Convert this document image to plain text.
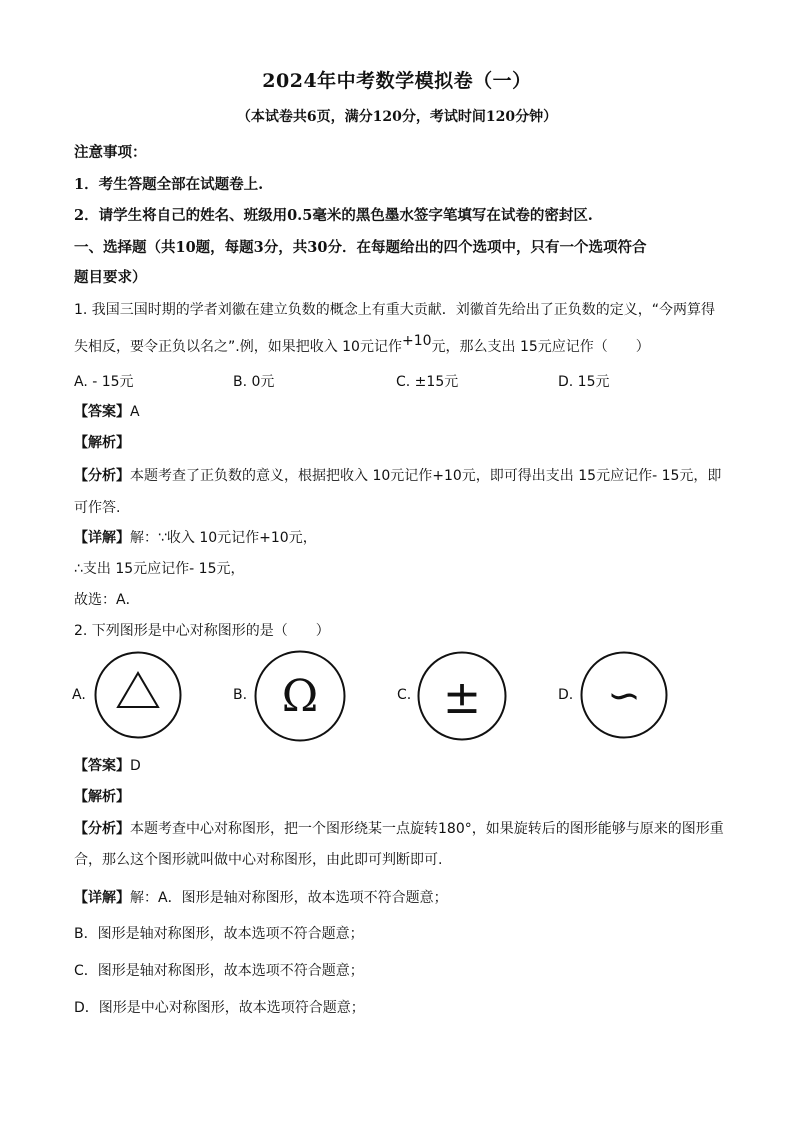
2024年中考数学模拟卷（一）
（本试卷共6页，满分120分，考试时间120分钟）
注意事项：
1．考生答题全部在试题卷上.
2．请学生将自己的姓名、班级用0.5毫米的黑色墨水签字笔填写在试卷的密封区.
一、选择题（共10题，每题3分，共30分．在每题给出的四个选项中，只有一个选项符合
题目要求）
1. 我国三国时期的学者刘徽在建立负数的概念上有重大贡献．刘徽首先给出了正负数的定义，“今两算得
失相反，要令正负以名之”.例，如果把收入 10元记作+10元，那么支出 15元应记作（　　）
A. - 15元	B. 0元	C. ±15元	D. 15元
【答案】A
【解析】
【分析】本题考查了正负数的意义，根据把收入 10元记作+10元，即可得出支出 15元应记作- 15元，即
可作答.
【详解】解：∵收入 10元记作+10元，
∴支出 15元应记作- 15元，
故选：A．
2. 下列图形是中心对称图形的是（　　）
A.	B. Ω	C. ±	D. ∽
【答案】D
【解析】
【分析】本题考查中心对称图形，把一个图形绕某一点旋转180°，如果旋转后的图形能够与原来的图形重
合，那么这个图形就叫做中心对称图形，由此即可判断即可.
【详解】解：A．图形是轴对称图形，故本选项不符合题意；
B．图形是轴对称图形，故本选项不符合题意；
C．图形是轴对称图形，故本选项不符合题意；
D．图形是中心对称图形，故本选项符合题意；
